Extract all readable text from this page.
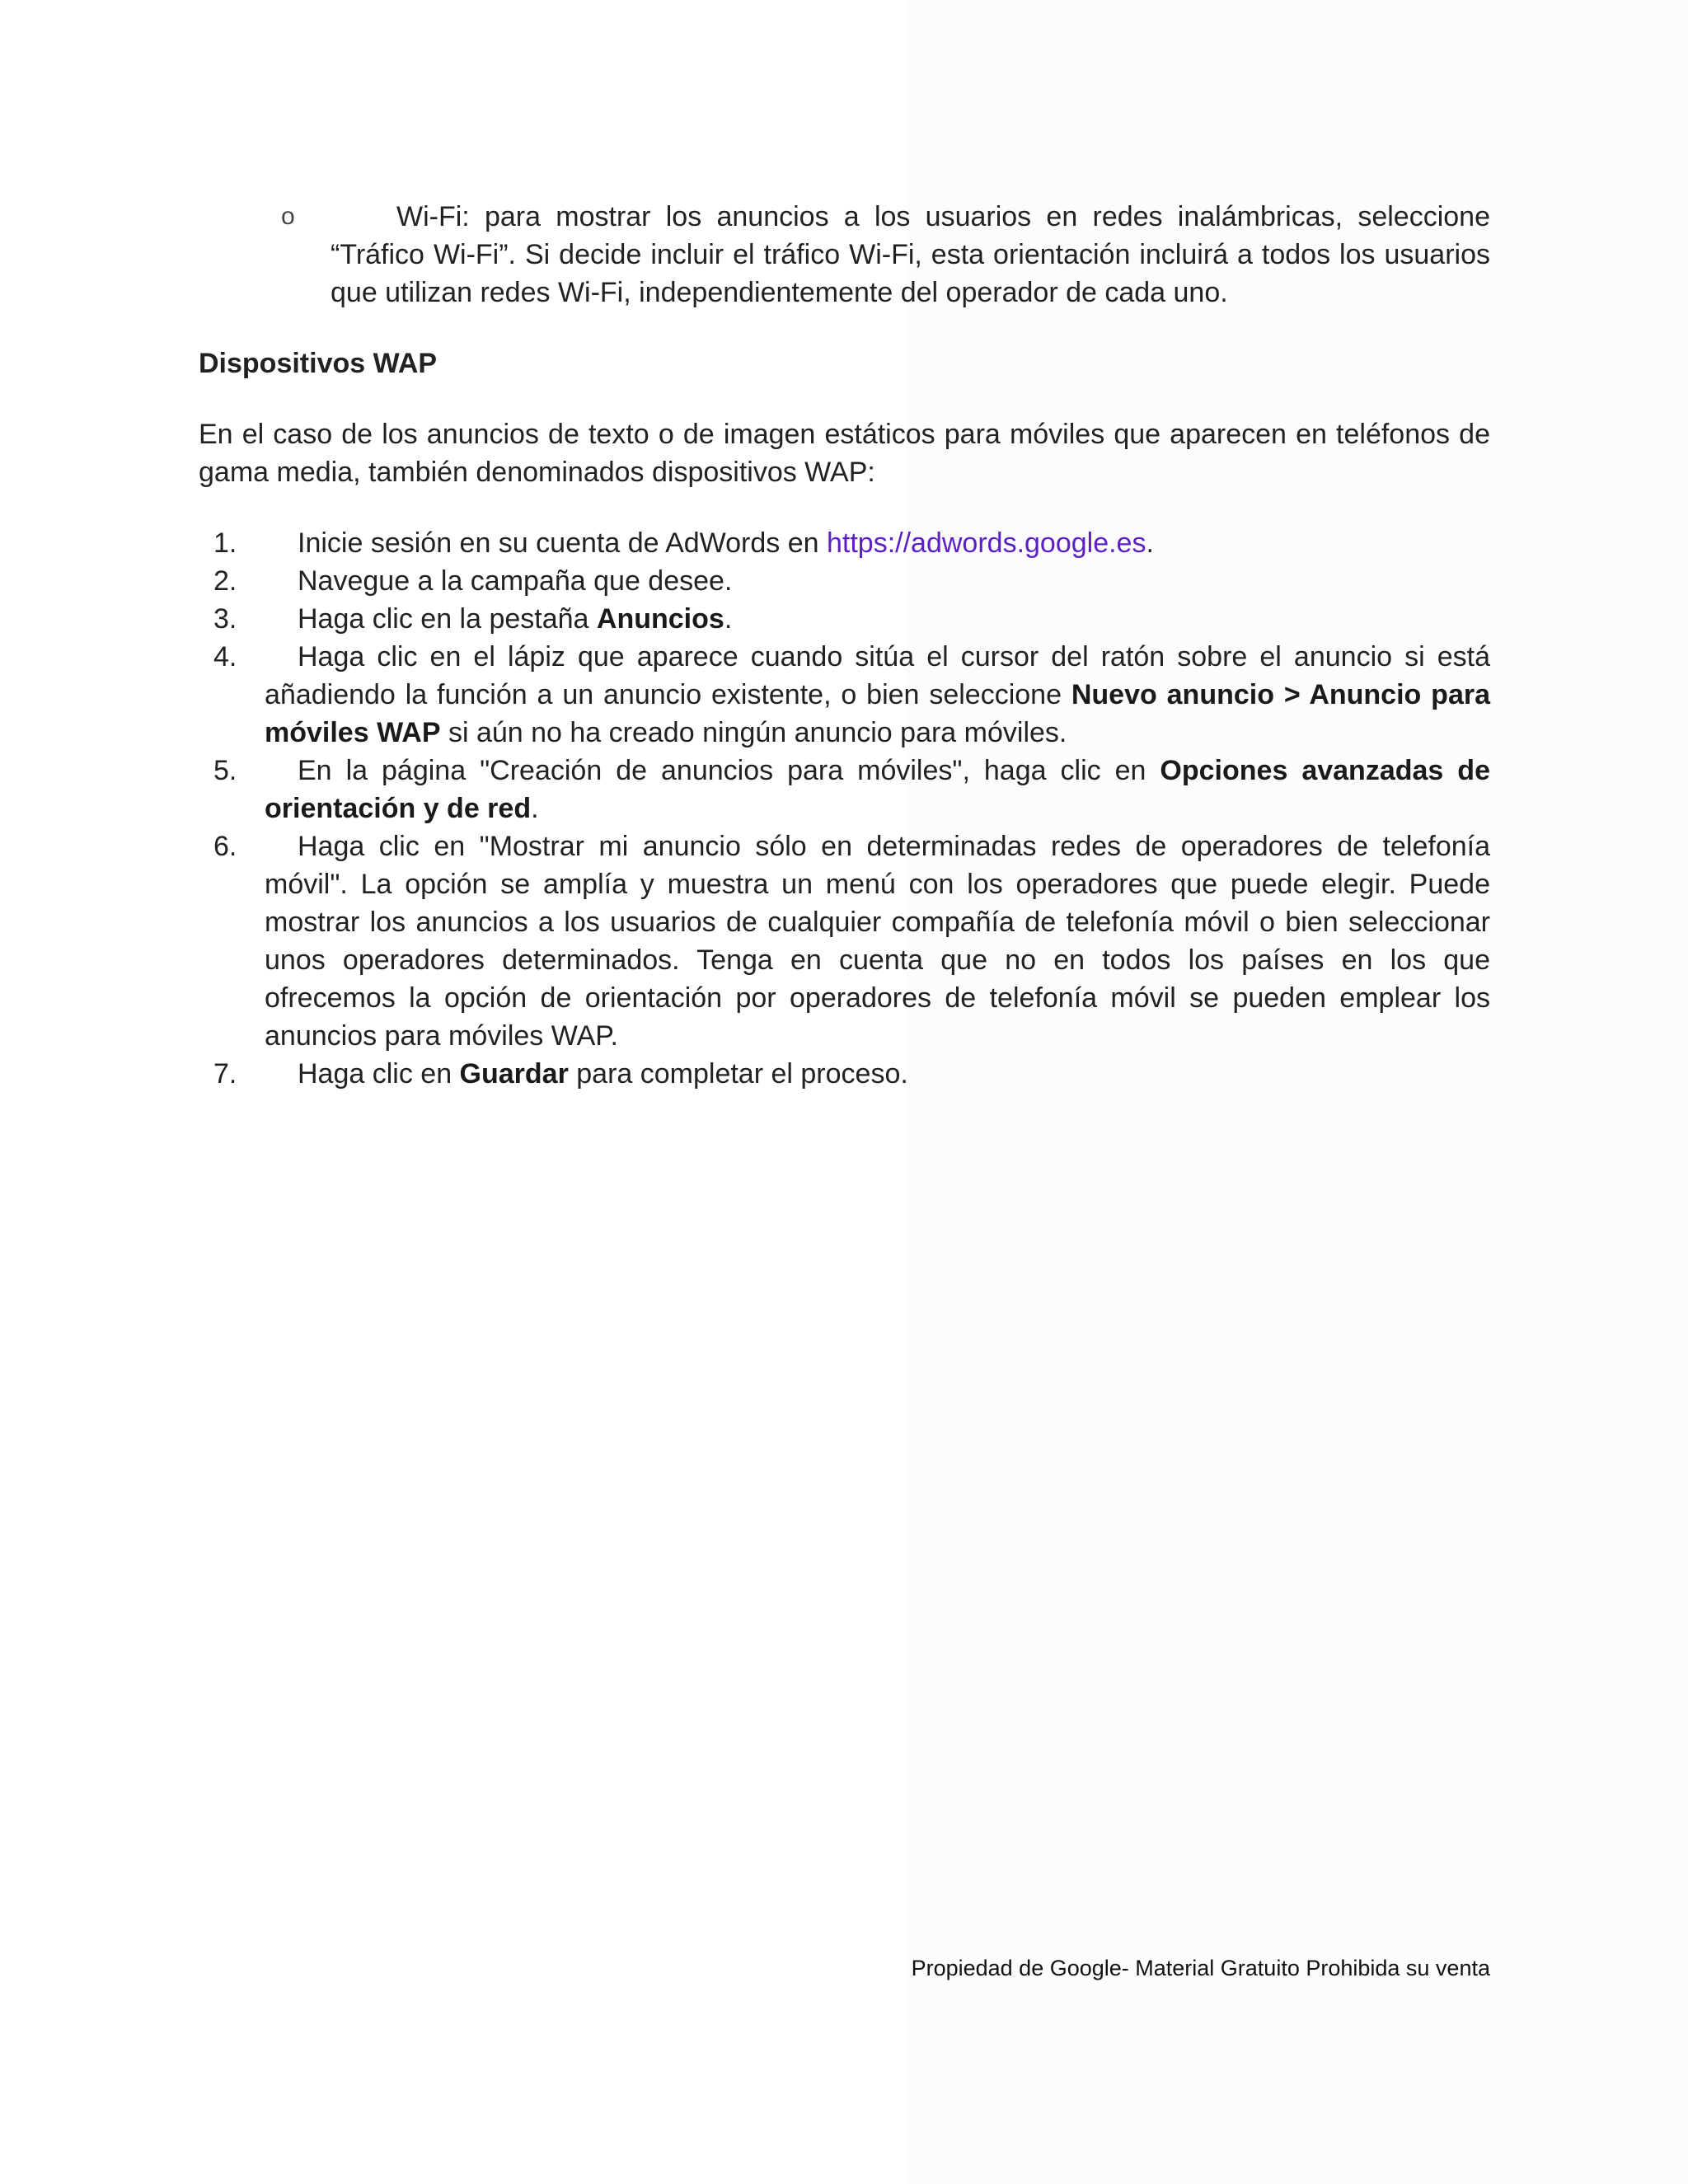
o	Wi-Fi: para mostrar los anuncios a los usuarios en redes inalámbricas, seleccione “Tráfico Wi-Fi”. Si decide incluir el tráfico Wi-Fi, esta orientación incluirá a todos los usuarios que utilizan redes Wi-Fi, independientemente del operador de cada uno.
Dispositivos WAP
En el caso de los anuncios de texto o de imagen estáticos para móviles que aparecen en teléfonos de gama media, también denominados dispositivos WAP:
1. Inicie sesión en su cuenta de AdWords en https://adwords.google.es.
2. Navegue a la campaña que desee.
3. Haga clic en la pestaña Anuncios.
4. Haga clic en el lápiz que aparece cuando sitúa el cursor del ratón sobre el anuncio si está añadiendo la función a un anuncio existente, o bien seleccione Nuevo anuncio > Anuncio para móviles WAP si aún no ha creado ningún anuncio para móviles.
5. En la página "Creación de anuncios para móviles", haga clic en Opciones avanzadas de orientación y de red.
6. Haga clic en "Mostrar mi anuncio sólo en determinadas redes de operadores de telefonía móvil". La opción se amplía y muestra un menú con los operadores que puede elegir. Puede mostrar los anuncios a los usuarios de cualquier compañía de telefonía móvil o bien seleccionar unos operadores determinados. Tenga en cuenta que no en todos los países en los que ofrecemos la opción de orientación por operadores de telefonía móvil se pueden emplear los anuncios para móviles WAP.
7. Haga clic en Guardar para completar el proceso.
Propiedad de Google- Material Gratuito Prohibida su venta
